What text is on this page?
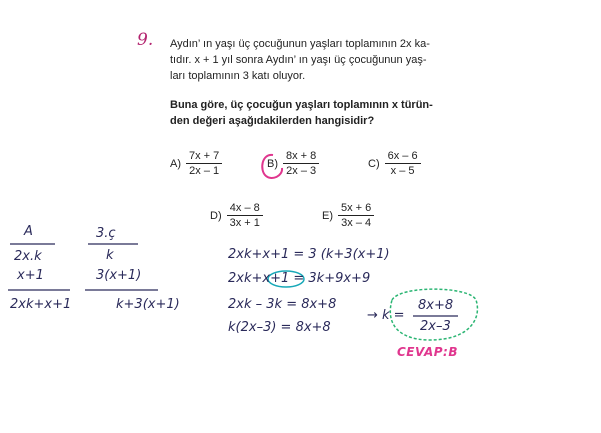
9. Aydın’ ın yaşı üç çocuğunun yaşları toplamının 2x ka-
tıdır. x + 1 yıl sonra Aydın’ ın yaşı üç çocuğunun yaş-
ları toplamının 3 katı oluyor.
Buna göre, üç çocuğun yaşları toplamının x türün-
den değeri aşağıdakilerden hangisidir?
$A) \frac{7x + 7}{2x - 1}$	$B) \frac{8x + 8}{2x - 3}$	$C) \frac{6x - 6}{x - 5}$
$D) \frac{4x - 8}{3x + 1}$	$E) \frac{5x + 6}{3x - 4}$
A
2x.k
x+1
2xk+x+1
3.ç
k
3(x+1)
k+3(x+1)
2xk+x+1 = 3 (k+3(x+1)
2xk+x+1 = 3k+9x+9
2xk – 3k = 8x+8
k(2x–3) = 8x+8
→ k =
8x+8
2x–3
CEVAP:B
